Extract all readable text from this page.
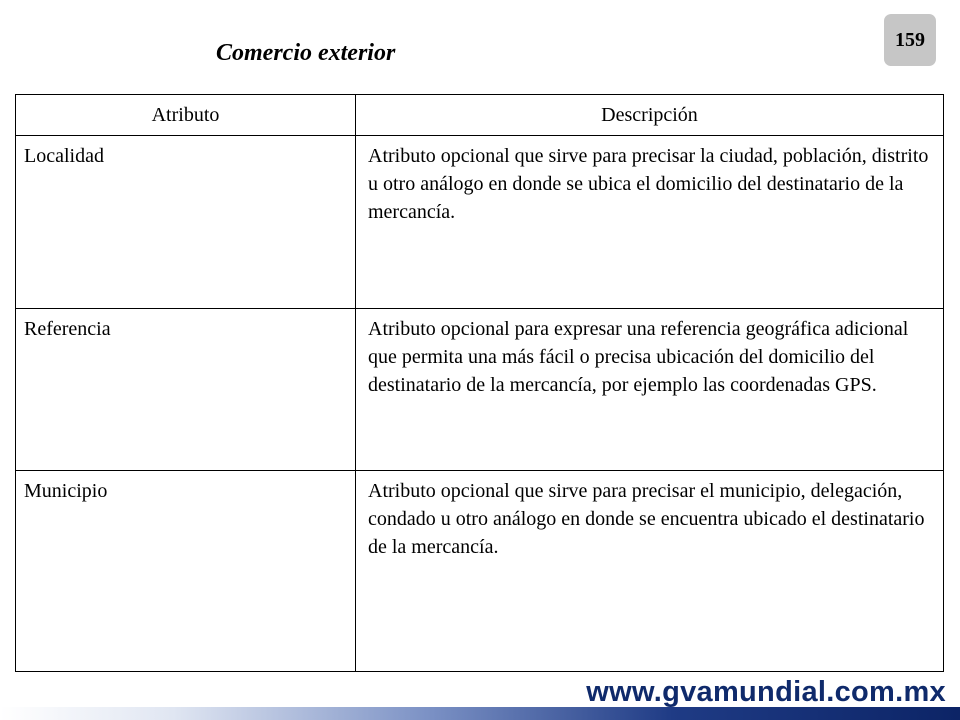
Comercio exterior
159
Atributo	Descripción
Localidad	Atributo opcional que sirve para precisar la ciudad, población, distrito u otro análogo en donde se ubica el domicilio del destinatario de la mercancía.
Referencia	Atributo opcional para expresar una referencia geográfica adicional que permita una más fácil o precisa ubicación del domicilio del destinatario de la mercancía, por ejemplo las coordenadas GPS.
Municipio	Atributo opcional que sirve para precisar el municipio, delegación, condado u otro análogo en donde se encuentra ubicado el destinatario de la mercancía.
www.gvamundial.com.mx
